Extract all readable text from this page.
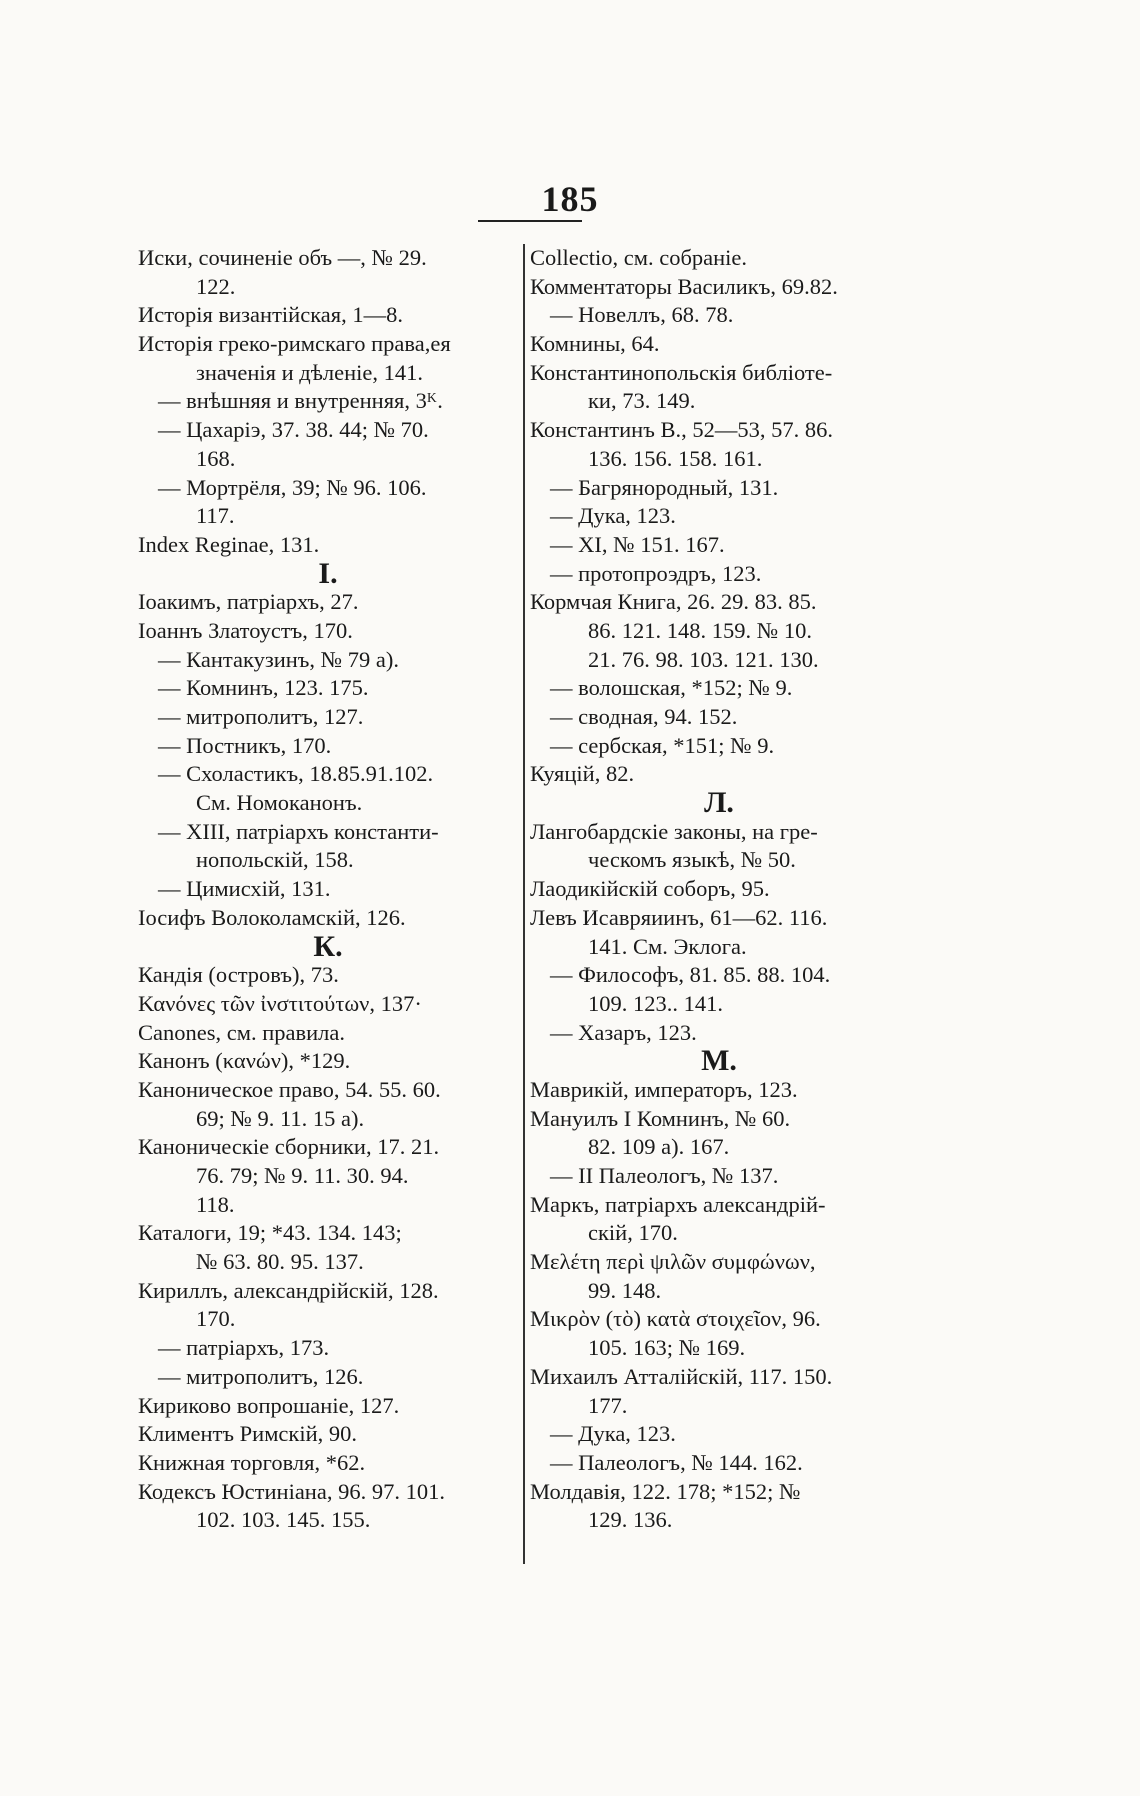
185
Иски, сочиненіе объ —, № 29.
122.
Исторія византійская, 1—8.
Исторія греко-римскаго права,ея
значенія и дѣленіе, 141.
— внѣшняя и внутренняя, 3ᴷ.
— Цахаріэ, 37. 38. 44; № 70.
168.
— Мортрёля, 39; № 96. 106.
117.
Index Reginae, 131.
I.
Іоакимъ, патріархъ, 27.
Іоаннъ Златоустъ, 170.
— Кантакузинъ, № 79 a).
— Комнинъ, 123. 175.
— митрополитъ, 127.
— Постникъ, 170.
— Схоластикъ, 18.85.91.102.
См. Номоканонъ.
— XIII, патріархъ константи-
нопольскій, 158.
— Цимисхій, 131.
Іосифъ Волоколамскій, 126.
К.
Кандія (островъ), 73.
Κανόνες τῶν ἰνστιτούτων, 137·
Canones, см. правила.
Канонъ (κανών), *129.
Каноническое право, 54. 55. 60.
69; № 9. 11. 15 a).
Каноническіе сборники, 17. 21.
76. 79; № 9. 11. 30. 94.
118.
Каталоги, 19; *43. 134. 143;
№ 63. 80. 95. 137.
Кириллъ, александрійскій, 128.
170.
— патріархъ, 173.
— митрополитъ, 126.
Кириково вопрошаніе, 127.
Климентъ Римскій, 90.
Книжная торговля, *62.
Кодексъ Юстиніана, 96. 97. 101.
102. 103. 145. 155.
Collectio, см. собраніе.
Комментаторы Василикъ, 69.82.
— Новеллъ, 68. 78.
Комнины, 64.
Константинопольскія библіоте-
ки, 73. 149.
Константинъ В., 52—53, 57. 86.
136. 156. 158. 161.
— Багрянородный, 131.
— Дука, 123.
— XI, № 151. 167.
— протопроэдръ, 123.
Кормчая Книга, 26. 29. 83. 85.
86. 121. 148. 159. № 10.
21. 76. 98. 103. 121. 130.
— волошская, *152; № 9.
— сводная, 94. 152.
— сербская, *151; № 9.
Куяцій, 82.
Л.
Лангобардскіе законы, на гре-
ческомъ языкѣ, № 50.
Лаодикійскій соборъ, 95.
Левъ Исавряиинъ, 61—62. 116.
141. См. Эклога.
— Философъ, 81. 85. 88. 104.
109. 123.. 141.
— Хазаръ, 123.
М.
Маврикій, императоръ, 123.
Мануилъ I Комнинъ, № 60.
82. 109 a). 167.
— II Палеологъ, № 137.
Маркъ, патріархъ александрій-
скій, 170.
Μελέτη περὶ ψιλῶν συμφώνων,
99. 148.
Μικρὸν (τὸ) κατὰ στοιχεῖον, 96.
105. 163; № 169.
Михаилъ Атталійскій, 117. 150.
177.
— Дука, 123.
— Палеологъ, № 144. 162.
Молдавія, 122. 178; *152; №
129. 136.
